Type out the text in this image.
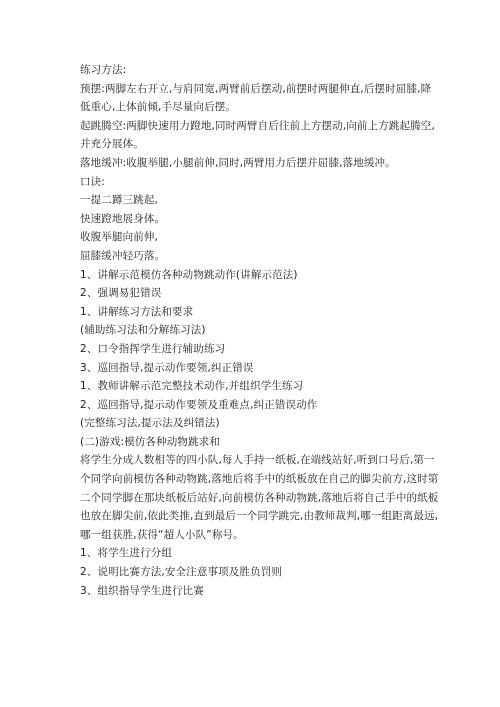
练习方法:
预摆:两脚左右开立,与肩同宽,两臂前后摆动,前摆时两腿伸直,后摆时屈膝,降
低重心,上体前倾,手尽量向后摆。
起跳腾空:两脚快速用力蹬地,同时两臂自后往前上方摆动,向前上方跳起腾空,
并充分展体。
落地缓冲:收腹举腿,小腿前伸,同时,两臂用力后摆并屈膝,落地缓冲。
口诀:
一提二蹲三跳起,
快速蹬地展身体。
收腹举腿向前伸,
屈膝缓冲轻巧落。
1、讲解示范模仿各种动物跳动作(讲解示范法)
2、强调易犯错误
1、讲解练习方法和要求
(辅助练习法和分解练习法)
2、口令指挥学生进行辅助练习
3、巡回指导,提示动作要领,纠正错误
1、教师讲解示范完整技术动作,并组织学生练习
2、巡回指导,提示动作要领及重难点,纠正错误动作
(完整练习法,提示法及纠错法)
(二)游戏:模仿各种动物跳求和
将学生分成人数相等的四小队,每人手持一纸板,在端线站好,听到口号后,第一
个同学向前模仿各种动物跳,落地后将手中的纸板放在自己的脚尖前方,这时第
二个同学脚在那块纸板后站好,向前模仿各种动物跳,落地后将自己手中的纸板
也放在脚尖前,依此类推,直到最后一个同学跳完,由教师裁判,哪一组距离最远,
哪一组获胜,获得“超人小队”称号。
1、将学生进行分组
2、说明比赛方法,安全注意事项及胜负罚则
3、组织指导学生进行比赛
